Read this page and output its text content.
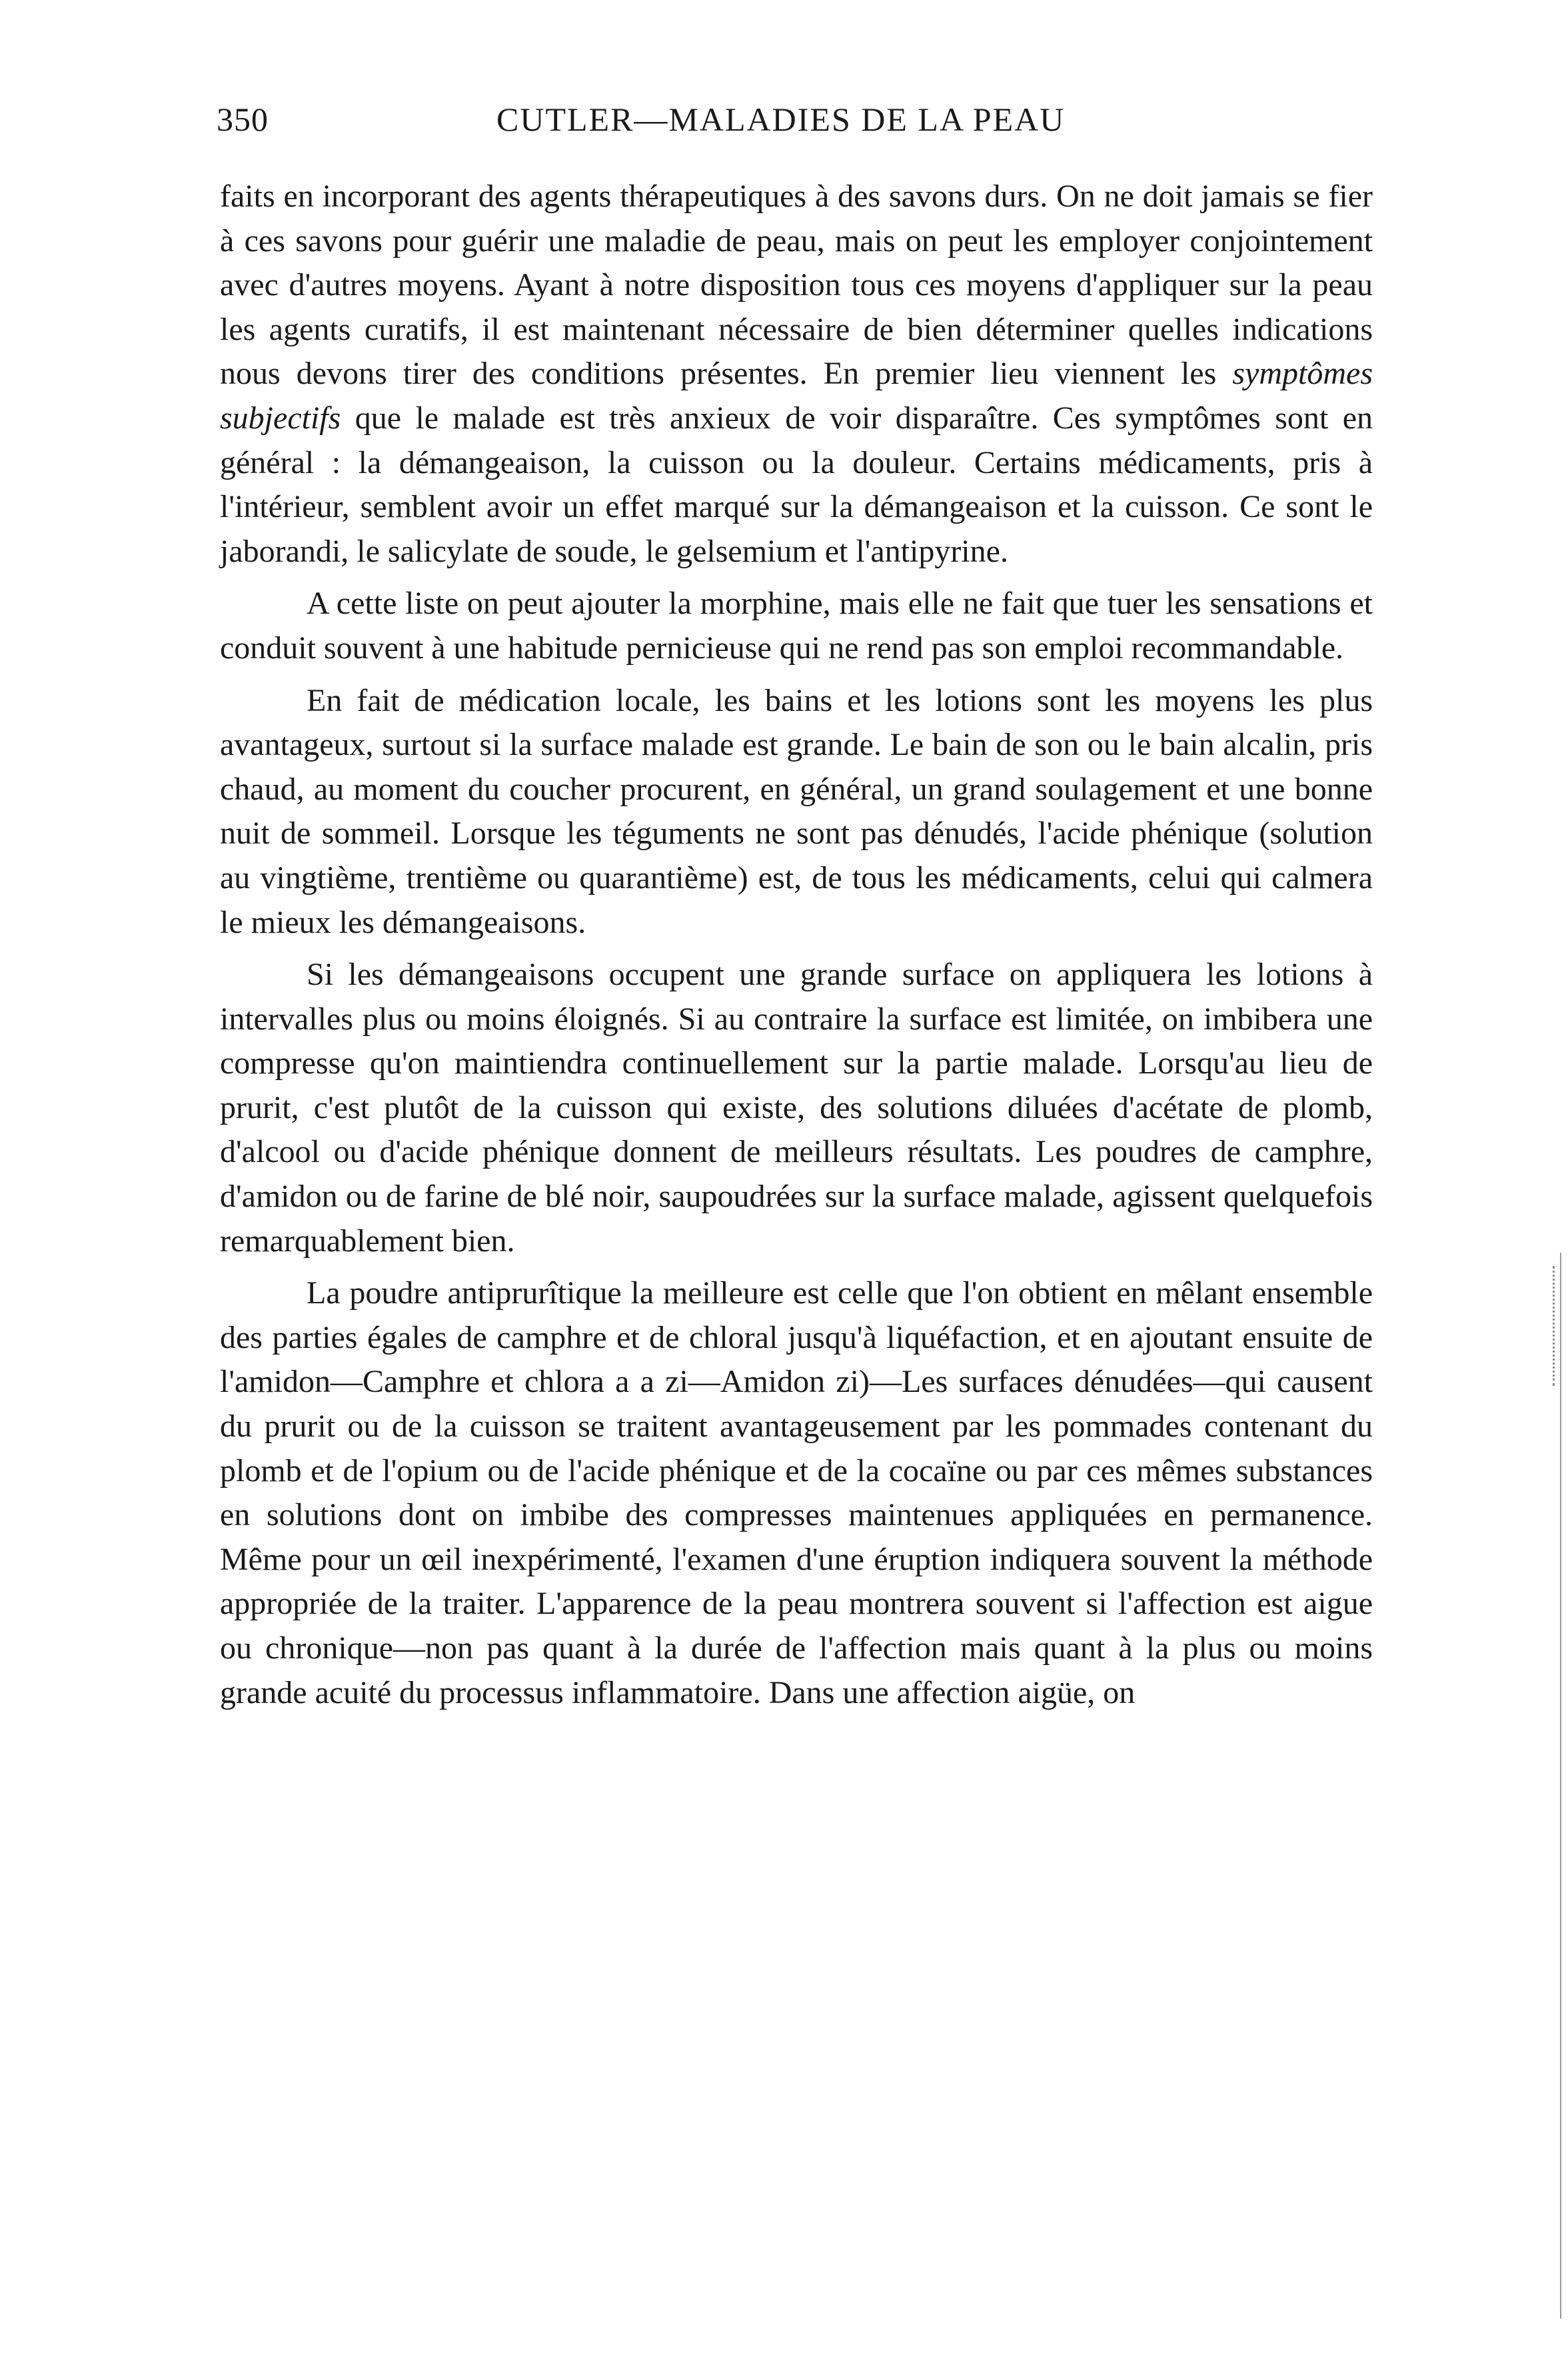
350	CUTLER—MALADIES DE LA PEAU

faits en incorporant des agents thérapeutiques à des savons durs. On ne doit jamais se fier à ces savons pour guérir une maladie de peau, mais on peut les employer conjointement avec d'autres moyens. Ayant à notre disposition tous ces moyens d'appliquer sur la peau les agents curatifs, il est maintenant nécessaire de bien déterminer quelles indications nous devons tirer des conditions présentes. En premier lieu viennent les symptômes subjectifs que le malade est très anxieux de voir disparaître. Ces symptômes sont en général : la démangeaison, la cuisson ou la douleur. Certains médicaments, pris à l'intérieur, semblent avoir un effet marqué sur la démangeaison et la cuisson. Ce sont le jaborandi, le salicylate de soude, le gelsemium et l'antipyrine.

A cette liste on peut ajouter la morphine, mais elle ne fait que tuer les sensations et conduit souvent à une habitude pernicieuse qui ne rend pas son emploi recommandable.

En fait de médication locale, les bains et les lotions sont les moyens les plus avantageux, surtout si la surface malade est grande. Le bain de son ou le bain alcalin, pris chaud, au moment du coucher procurent, en général, un grand soulagement et une bonne nuit de sommeil. Lorsque les téguments ne sont pas dénudés, l'acide phénique (solution au vingtième, trentième ou quarantième) est, de tous les médicaments, celui qui calmera le mieux les démangeaisons.

Si les démangeaisons occupent une grande surface on appliquera les lotions à intervalles plus ou moins éloignés. Si au contraire la surface est limitée, on imbibera une compresse qu'on maintiendra continuellement sur la partie malade. Lorsqu'au lieu de prurit, c'est plutôt de la cuisson qui existe, des solutions diluées d'acétate de plomb, d'alcool ou d'acide phénique donnent de meilleurs résultats. Les poudres de camphre, d'amidon ou de farine de blé noir, saupoudrées sur la surface malade, agissent quelquefois remarquablement bien.

La poudre antiprurîtique la meilleure est celle que l'on obtient en mêlant ensemble des parties égales de camphre et de chloral jusqu'à liquéfaction, et en ajoutant ensuite de l'amidon—Camphre et chlora a a zi—Amidon zi)—Les surfaces dénudées—qui causent du prurit ou de la cuisson se traitent avantageusement par les pommades contenant du plomb et de l'opium ou de l'acide phénique et de la cocaïne ou par ces mêmes substances en solutions dont on imbibe des compresses maintenues appliquées en permanence. Même pour un œil inexpérimenté, l'examen d'une éruption indiquera souvent la méthode appropriée de la traiter. L'apparence de la peau montrera souvent si l'affection est aigue ou chronique—non pas quant à la durée de l'affection mais quant à la plus ou moins grande acuité du processus inflammatoire. Dans une affection aigüe, on
